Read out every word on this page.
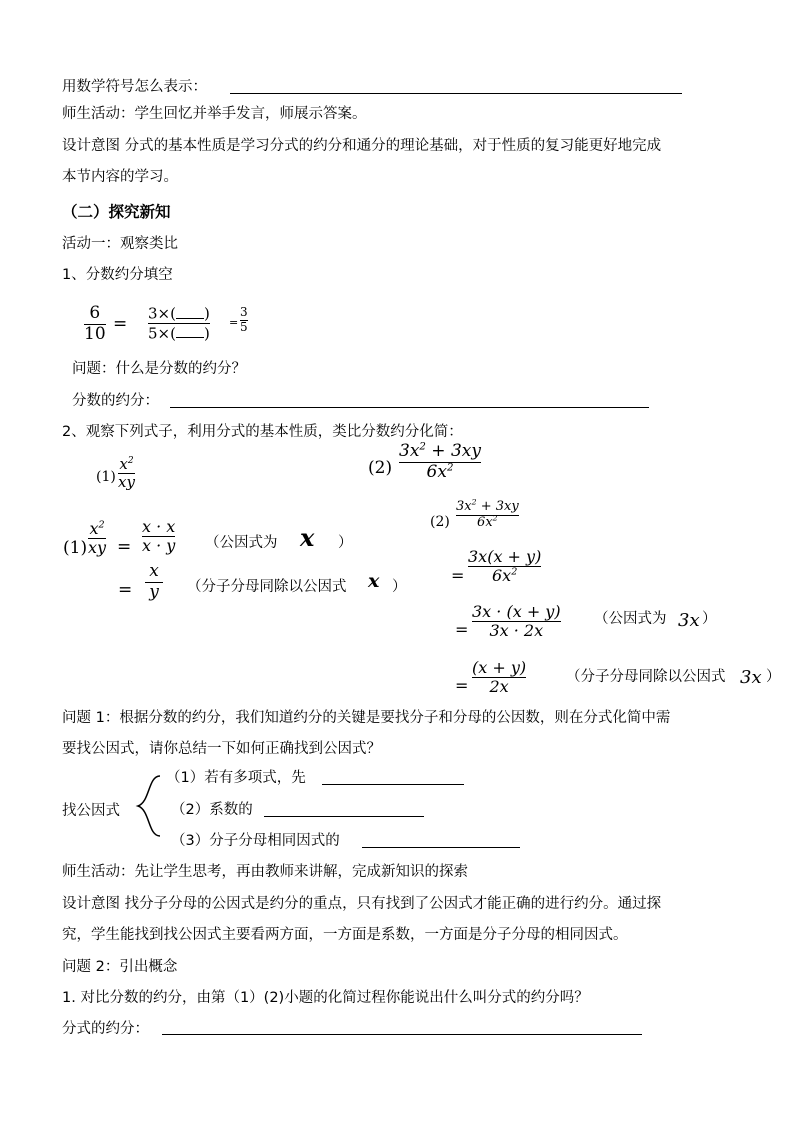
用数学符号怎么表示：
师生活动：学生回忆并举手发言，师展示答案。
设计意图 分式的基本性质是学习分式的约分和通分的理论基础，对于性质的复习能更好地完成
本节内容的学习。
（二）探究新知
活动一：观察类比
1、分数约分填空
6
10 =
3×( )
5×( )
=
3
5
问题：什么是分数的约分？
分数的约分：
2、观察下列式子，利用分式的基本性质，类比分数约分化简：
(1)
$x^2$
xy
(2)
$3x^2 + 3xy$
$6x^2$
(1)
$x^2$
xy =
x · x
x · y （公因式为 x ）
=
x
y （分子分母同除以公因式 x ）
(2)
$3x^2 + 3xy$
$6x^2$
=
3x(x + y)
$6x^2$
=
3x · (x + y)
3x · 2x
（公因式为 3x ）
=
(x + y)
2x
（分子分母同除以公因式 3x ）
问题 1：根据分数的约分，我们知道约分的关键是要找分子和分母的公因数，则在分式化简中需
要找公因式，请你总结一下如何正确找到公因式？
找公因式
（1）若有多项式，先
（2）系数的
（3）分子分母相同因式的
师生活动：先让学生思考，再由教师来讲解，完成新知识的探索
设计意图 找分子分母的公因式是约分的重点，只有找到了公因式才能正确的进行约分。通过探
究，学生能找到找公因式主要看两方面，一方面是系数，一方面是分子分母的相同因式。
问题 2：引出概念
1. 对比分数的约分，由第（1）(2)小题的化简过程你能说出什么叫分式的约分吗？
分式的约分：
